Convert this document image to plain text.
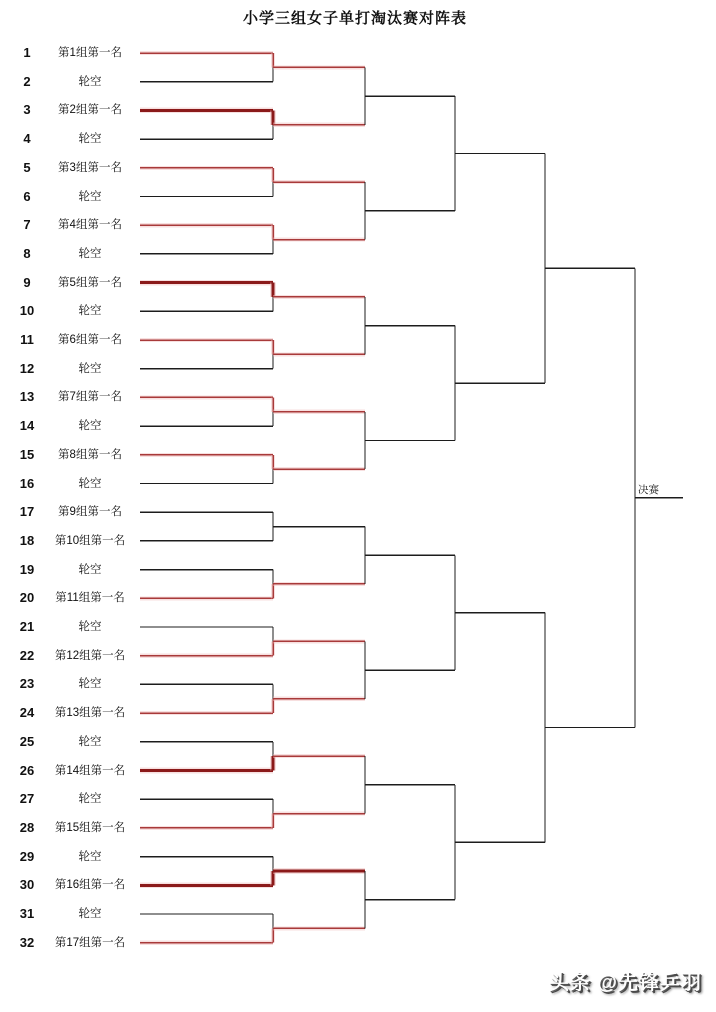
小学三组女子单打淘汰赛对阵表
1	第1组第一名
2	轮空
3	第2组第一名
4	轮空
5	第3组第一名
6	轮空
7	第4组第一名
8	轮空
9	第5组第一名
10	轮空
11	第6组第一名
12	轮空
13	第7组第一名
14	轮空
15	第8组第一名
16	轮空
17	第9组第一名
18	第10组第一名
19	轮空
20	第11组第一名
21	轮空
22	第12组第一名
23	轮空
24	第13组第一名
25	轮空
26	第14组第一名
27	轮空
28	第15组第一名
29	轮空
30	第16组第一名
31	轮空
32	第17组第一名
决赛
头条 @先锋乒羽
